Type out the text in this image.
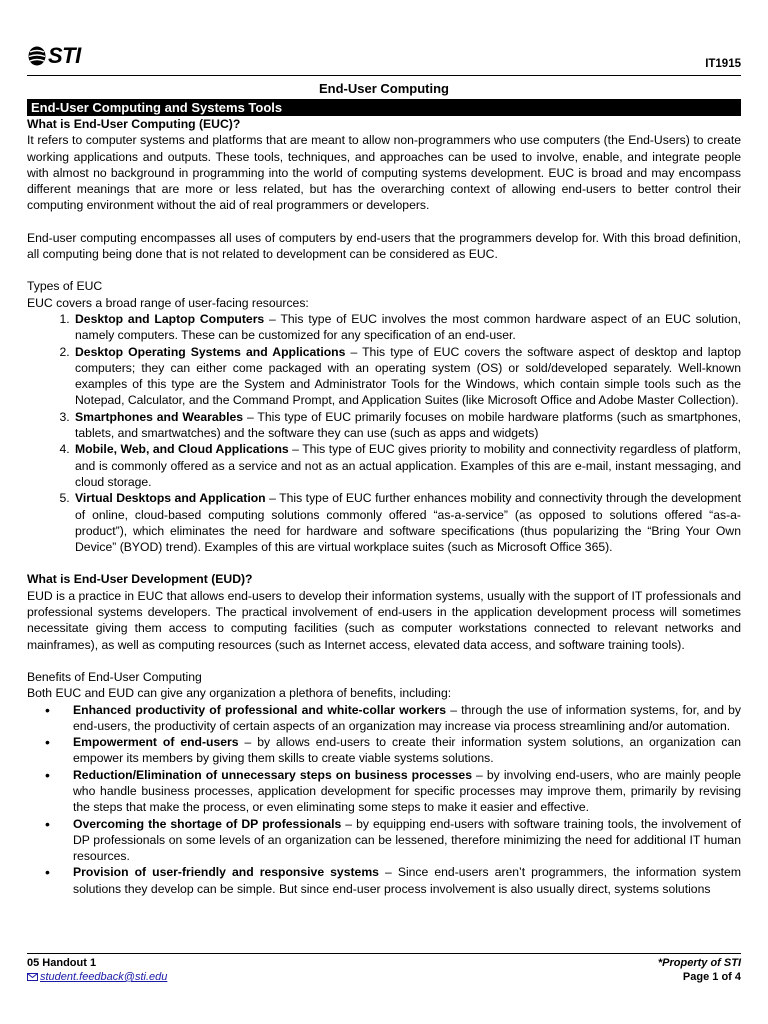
STI	IT1915
End-User Computing
End-User Computing and Systems Tools
What is End-User Computing (EUC)?

It refers to computer systems and platforms that are meant to allow non-programmers who use computers (the End-Users) to create working applications and outputs. These tools, techniques, and approaches can be used to involve, enable, and integrate people with almost no background in programming into the world of computing systems development. EUC is broad and may encompass different meanings that are more or less related, but has the overarching context of allowing end-users to better control their computing environment without the aid of real programmers or developers.

End-user computing encompasses all uses of computers by end-users that the programmers develop for. With this broad definition, all computing being done that is not related to development can be considered as EUC.

Types of EUC
EUC covers a broad range of user-facing resources:
1. Desktop and Laptop Computers – This type of EUC involves the most common hardware aspect of an EUC solution, namely computers. These can be customized for any specification of an end-user.
2. Desktop Operating Systems and Applications – This type of EUC covers the software aspect of desktop and laptop computers; they can either come packaged with an operating system (OS) or sold/developed separately. Well-known examples of this type are the System and Administrator Tools for the Windows, which contain simple tools such as the Notepad, Calculator, and the Command Prompt, and Application Suites (like Microsoft Office and Adobe Master Collection).
3. Smartphones and Wearables – This type of EUC primarily focuses on mobile hardware platforms (such as smartphones, tablets, and smartwatches) and the software they can use (such as apps and widgets)
4. Mobile, Web, and Cloud Applications – This type of EUC gives priority to mobility and connectivity regardless of platform, and is commonly offered as a service and not as an actual application. Examples of this are e-mail, instant messaging, and cloud storage.
5. Virtual Desktops and Application – This type of EUC further enhances mobility and connectivity through the development of online, cloud-based computing solutions commonly offered “as-a-service” (as opposed to solutions offered “as-a-product”), which eliminates the need for hardware and software specifications (thus popularizing the “Bring Your Own Device” (BYOD) trend). Examples of this are virtual workplace suites (such as Microsoft Office 365).
What is End-User Development (EUD)?

EUD is a practice in EUC that allows end-users to develop their information systems, usually with the support of IT professionals and professional systems developers. The practical involvement of end-users in the application development process will sometimes necessitate giving them access to computing facilities (such as computer workstations connected to relevant networks and mainframes), as well as computing resources (such as Internet access, elevated data access, and software training tools).

Benefits of End-User Computing
Both EUC and EUD can give any organization a plethora of benefits, including:
• Enhanced productivity of professional and white-collar workers – through the use of information systems, for, and by end-users, the productivity of certain aspects of an organization may increase via process streamlining and/or automation.
• Empowerment of end-users – by allows end-users to create their information system solutions, an organization can empower its members by giving them skills to create viable systems solutions.
• Reduction/Elimination of unnecessary steps on business processes – by involving end-users, who are mainly people who handle business processes, application development for specific processes may improve them, primarily by revising the steps that make the process, or even eliminating some steps to make it easier and effective.
• Overcoming the shortage of DP professionals – by equipping end-users with software training tools, the involvement of DP professionals on some levels of an organization can be lessened, therefore minimizing the need for additional IT human resources.
• Provision of user-friendly and responsive systems – Since end-users aren’t programmers, the information system solutions they develop can be simple. But since end-user process involvement is also usually direct, systems solutions
05 Handout 1
student.feedback@sti.edu
*Property of STI
Page 1 of 4
